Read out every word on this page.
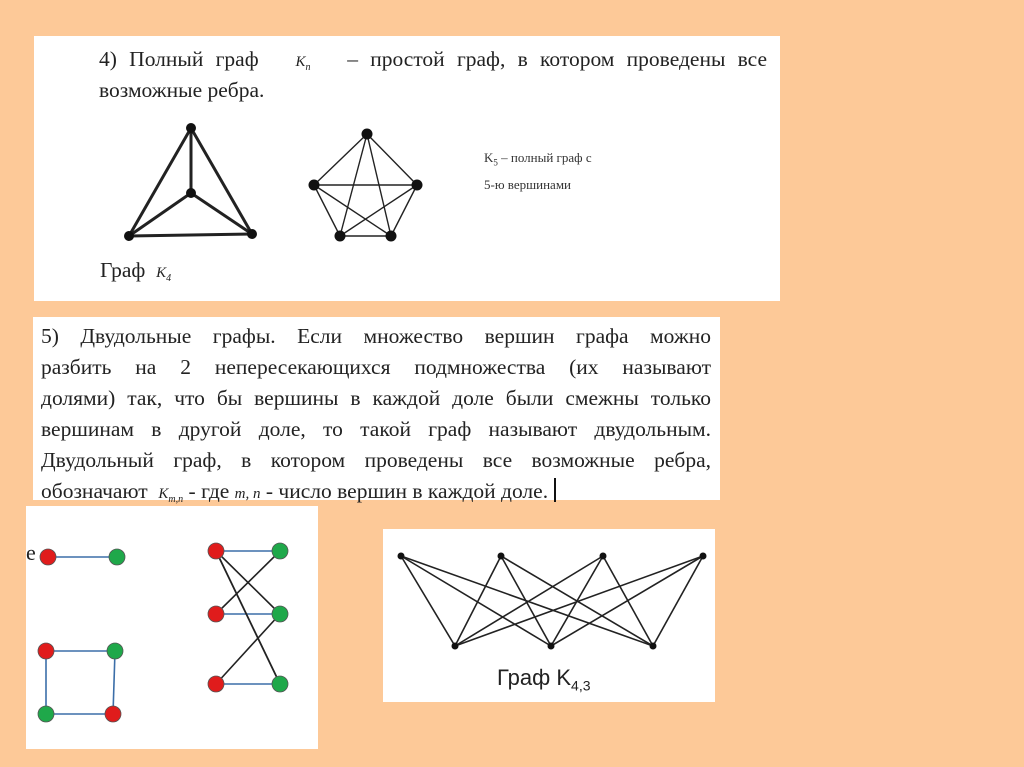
4) Полный граф $K_n$ – простой граф, в котором проведены все
возможные ребра.
$K_5$ – полный граф с
5-ю вершинами
Граф $K_4$
5) Двудольные графы. Если множество вершин графа можно
разбить на 2 непересекающихся подмножества (их называют
долями) так, что бы вершины в каждой доле были смежны только
вершинам в другой доле, то такой граф называют двудольным.
Двудольный граф, в котором проведены все возможные ребра,
обозначают $K_{m,n}$ - где m, n - число вершин в каждой доле.
e
Граф $K_{4,3}$
